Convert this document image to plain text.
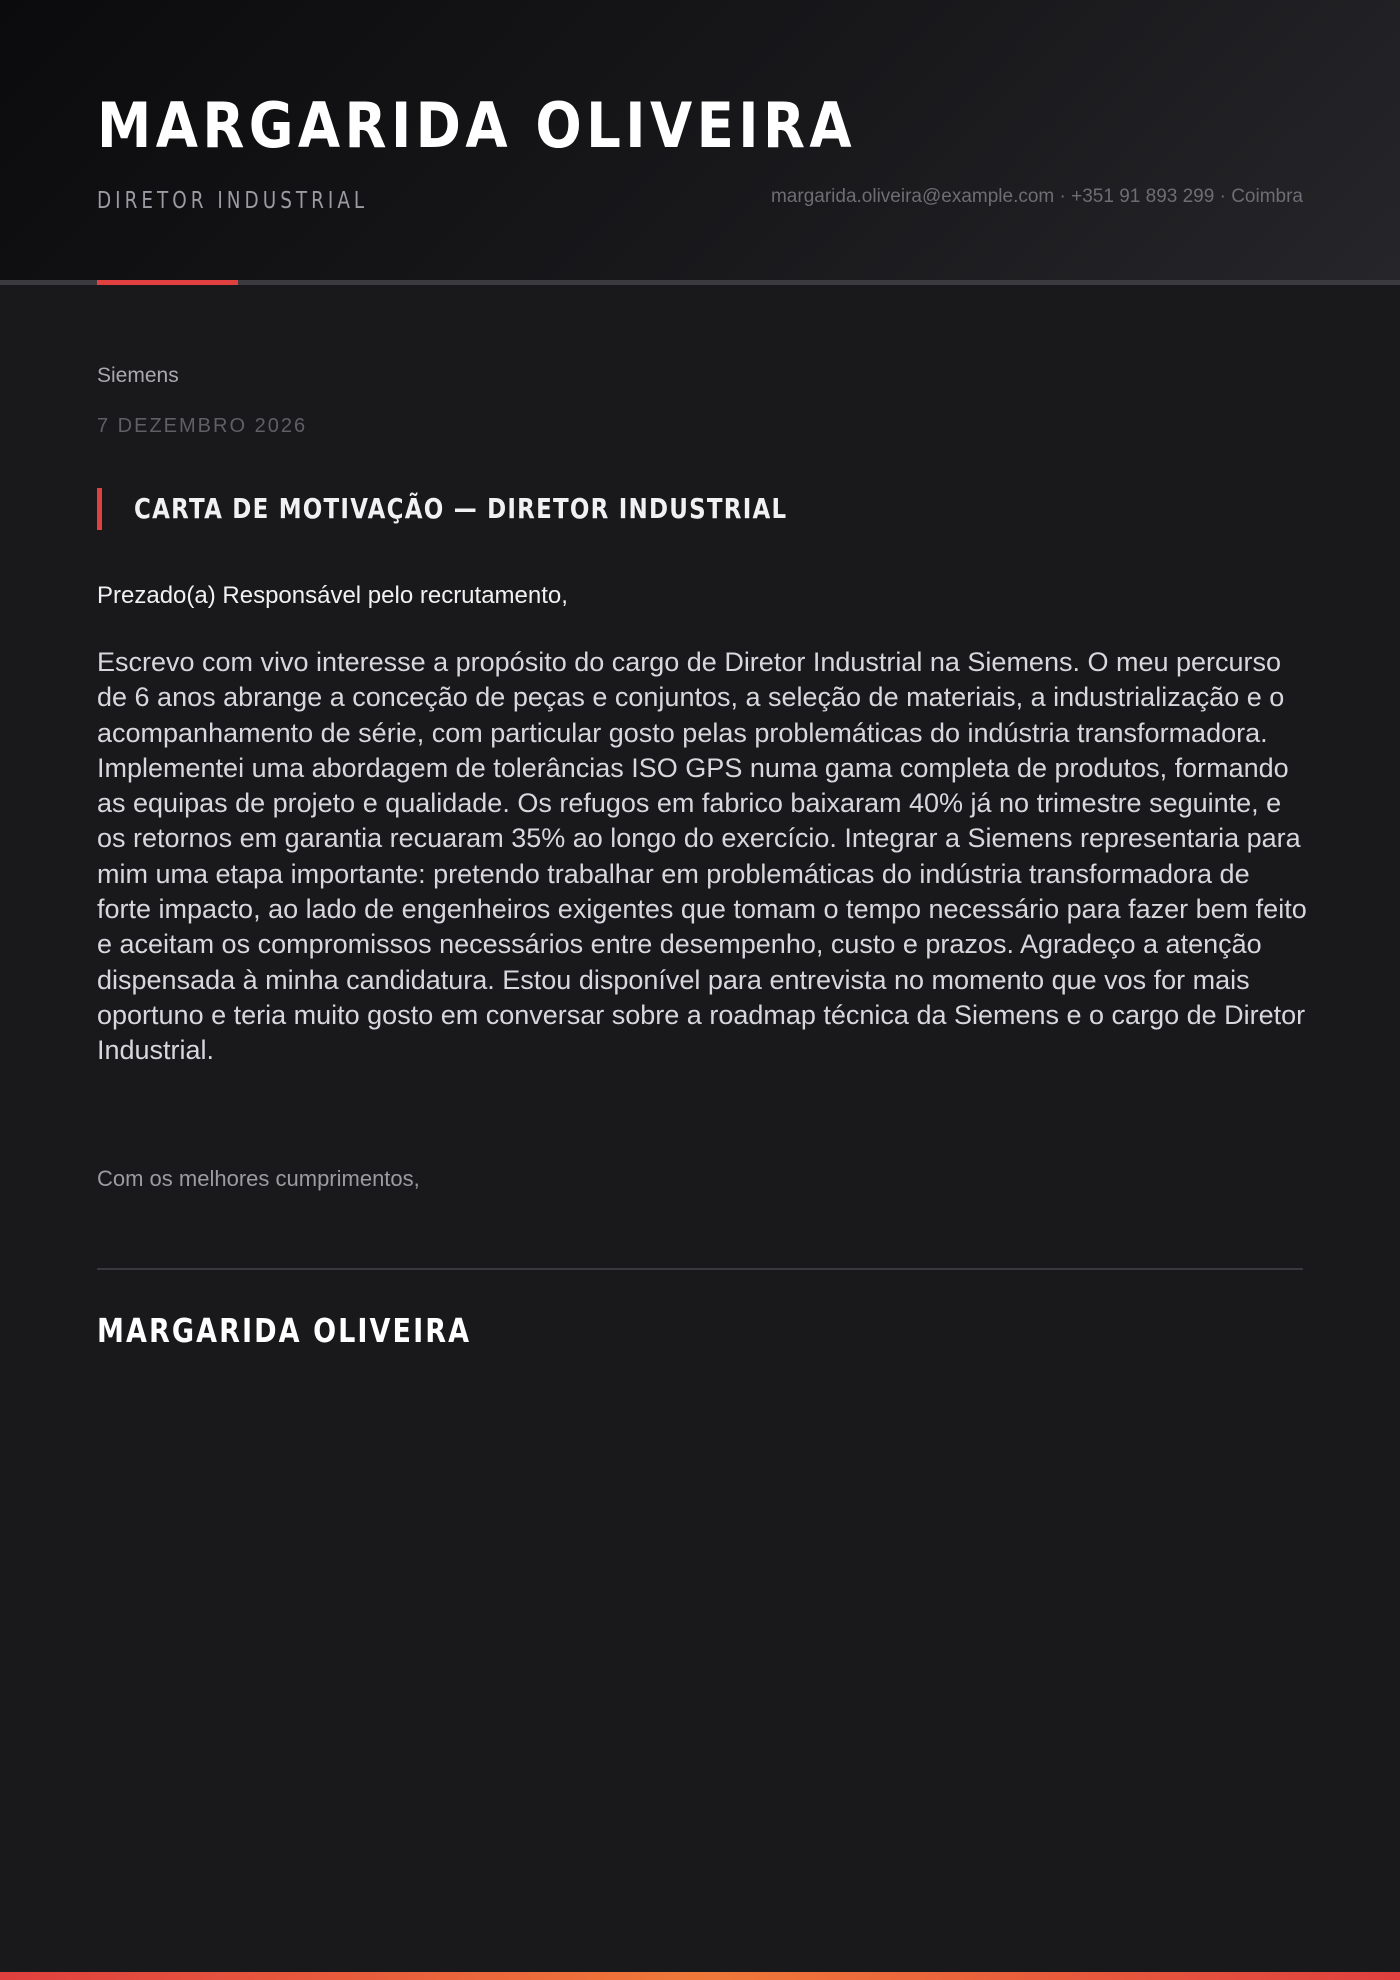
MARGARIDA OLIVEIRA
DIRETOR INDUSTRIAL	margarida.oliveira@example.com · +351 91 893 299 · Coimbra
Siemens
7 DEZEMBRO 2026
CARTA DE MOTIVAÇÃO — DIRETOR INDUSTRIAL
Prezado(a) Responsável pelo recrutamento,

Escrevo com vivo interesse a propósito do cargo de Diretor Industrial na Siemens. O meu percurso de 6 anos abrange a conceção de peças e conjuntos, a seleção de materiais, a industrialização e o acompanhamento de série, com particular gosto pelas problemáticas do indústria transformadora. Implementei uma abordagem de tolerâncias ISO GPS numa gama completa de produtos, formando as equipas de projeto e qualidade. Os refugos em fabrico baixaram 40% já no trimestre seguinte, e os retornos em garantia recuaram 35% ao longo do exercício. Integrar a Siemens representaria para mim uma etapa importante: pretendo trabalhar em problemáticas do indústria transformadora de forte impacto, ao lado de engenheiros exigentes que tomam o tempo necessário para fazer bem feito e aceitam os compromissos necessários entre desempenho, custo e prazos. Agradeço a atenção dispensada à minha candidatura. Estou disponível para entrevista no momento que vos for mais oportuno e teria muito gosto em conversar sobre a roadmap técnica da Siemens e o cargo de Diretor Industrial.

Com os melhores cumprimentos,
MARGARIDA OLIVEIRA
